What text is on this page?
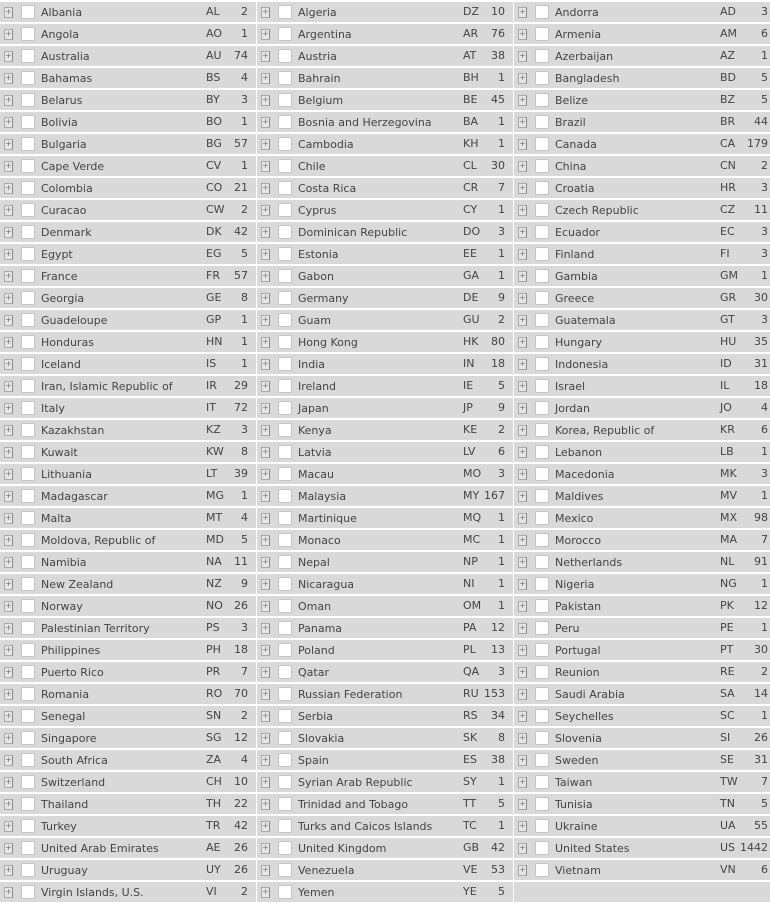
+	Albania	AL 2
+	Angola	AO 1
+	Australia	AU 74
+	Bahamas	BS 4
+	Belarus	BY 3
+	Bolivia	BO 1
+	Bulgaria	BG 57
+	Cape Verde	CV 1
+	Colombia	CO 21
+	Curacao	CW 2
+	Denmark	DK 42
+	Egypt	EG 5
+	France	FR 57
+	Georgia	GE 8
+	Guadeloupe	GP 1
+	Honduras	HN 1
+	Iceland	IS 1
+	Iran, Islamic Republic of	IR 29
+	Italy	IT 72
+	Kazakhstan	KZ 3
+	Kuwait	KW 8
+	Lithuania	LT 39
+	Madagascar	MG 1
+	Malta	MT 4
+	Moldova, Republic of	MD 5
+	Namibia	NA 11
+	New Zealand	NZ 9
+	Norway	NO 26
+	Palestinian Territory	PS 3
+	Philippines	PH 18
+	Puerto Rico	PR 7
+	Romania	RO 70
+	Senegal	SN 2
+	Singapore	SG 12
+	South Africa	ZA 4
+	Switzerland	CH 10
+	Thailand	TH 22
+	Turkey	TR 42
+	United Arab Emirates	AE 26
+	Uruguay	UY 26
+	Virgin Islands, U.S.	VI 2
+	Algeria	DZ 10
+	Argentina	AR 76
+	Austria	AT 38
+	Bahrain	BH 1
+	Belgium	BE 45
+	Bosnia and Herzegovina	BA 1
+	Cambodia	KH 1
+	Chile	CL 30
+	Costa Rica	CR 7
+	Cyprus	CY 1
+	Dominican Republic	DO 3
+	Estonia	EE 1
+	Gabon	GA 1
+	Germany	DE 9
+	Guam	GU 2
+	Hong Kong	HK 80
+	India	IN 18
+	Ireland	IE 5
+	Japan	JP 9
+	Kenya	KE 2
+	Latvia	LV 6
+	Macau	MO 3
+	Malaysia	MY 167
+	Martinique	MQ 1
+	Monaco	MC 1
+	Nepal	NP 1
+	Nicaragua	NI 1
+	Oman	OM 1
+	Panama	PA 12
+	Poland	PL 13
+	Qatar	QA 3
+	Russian Federation	RU 153
+	Serbia	RS 34
+	Slovakia	SK 8
+	Spain	ES 38
+	Syrian Arab Republic	SY 1
+	Trinidad and Tobago	TT 5
+	Turks and Caicos Islands	TC 1
+	United Kingdom	GB 42
+	Venezuela	VE 53
+	Yemen	YE 5
+	Andorra	AD 3
+	Armenia	AM 6
+	Azerbaijan	AZ 1
+	Bangladesh	BD 5
+	Belize	BZ 5
+	Brazil	BR 44
+	Canada	CA 179
+	China	CN 2
+	Croatia	HR 3
+	Czech Republic	CZ 11
+	Ecuador	EC 3
+	Finland	FI	3
+	Gambia	GM 1
+	Greece	GR 30
+	Guatemala	GT 3
+	Hungary	HU 35
+	Indonesia	ID 31
+	Israel	IL 18
+	Jordan	JO	4
+	Korea, Republic of	KR 6
+	Lebanon	LB 1
+	Macedonia	MK 3
+	Maldives	MV 1
+	Mexico	MX 98
+	Morocco	MA 7
+	Netherlands	NL 91
+	Nigeria	NG 1
+	Pakistan	PK 12
+	Peru	PE 1
+	Portugal	PT 30
+	Reunion	RE 2
+	Saudi Arabia	SA 14
+	Seychelles	SC 1
+	Slovenia	SI 26
+	Sweden	SE 31
+	Taiwan	TW 7
+	Tunisia	TN 5
+	Ukraine	UA 55
+	United States	US 1442
+	Vietnam	VN 6
